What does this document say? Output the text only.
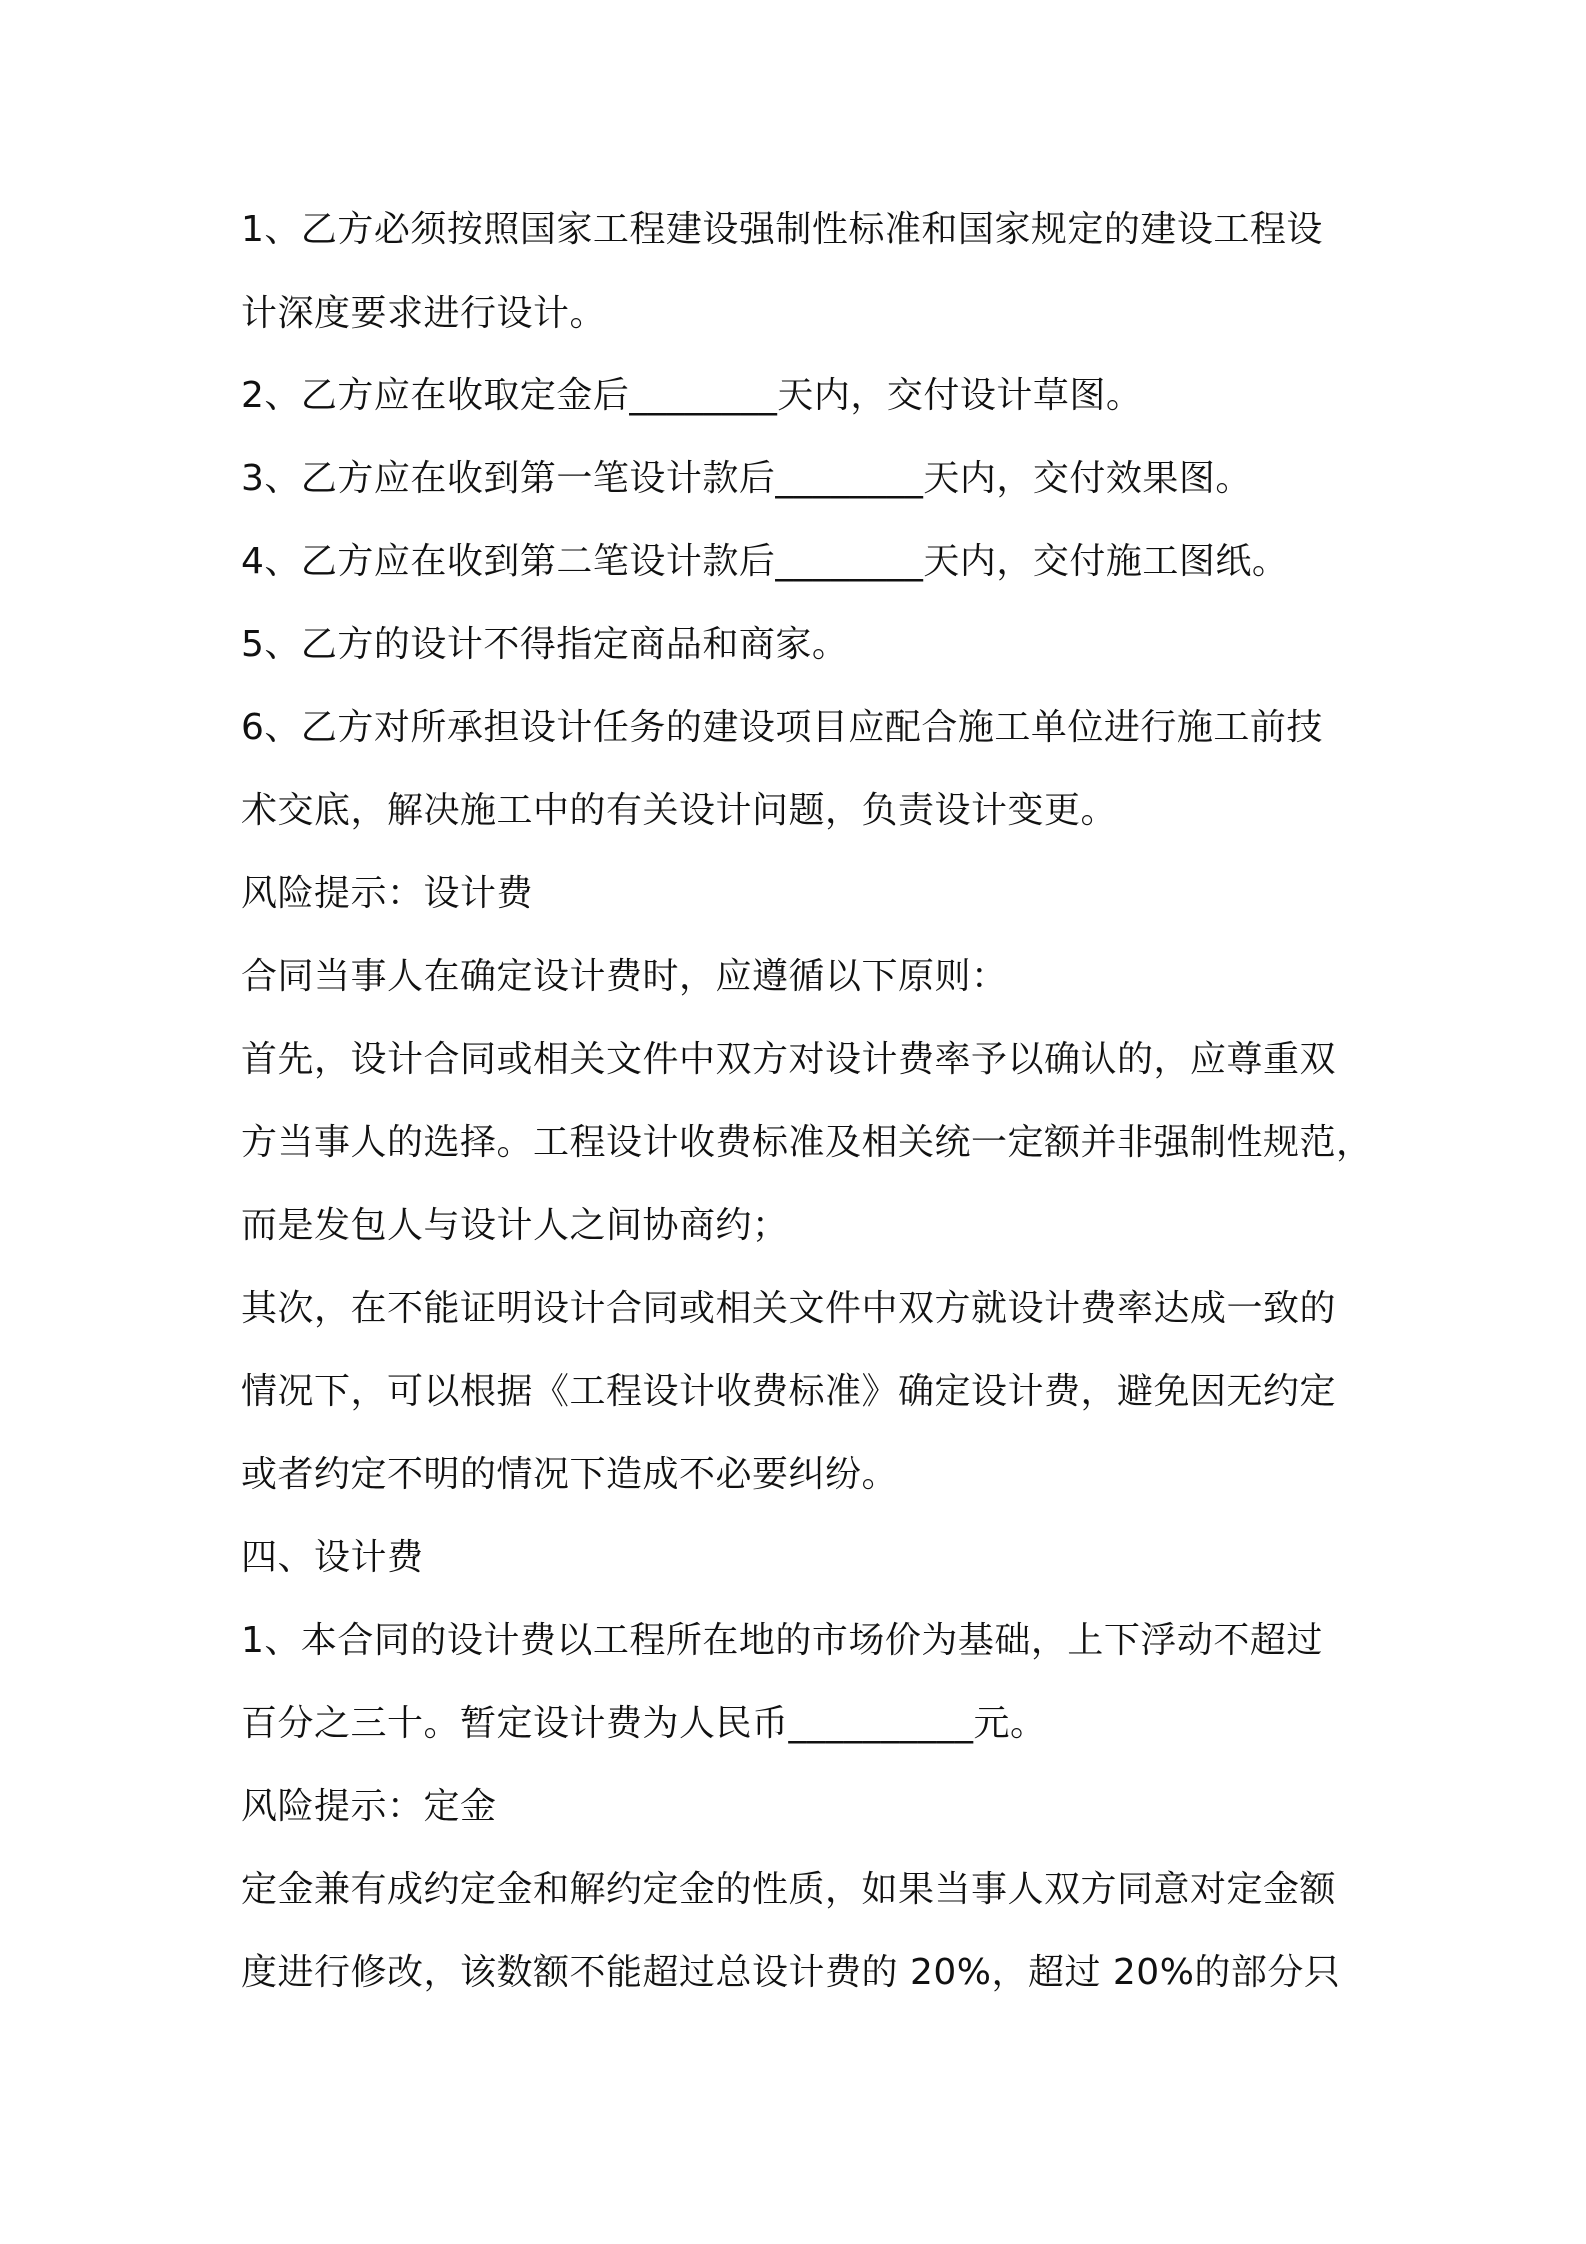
1、乙方必须按照国家工程建设强制性标准和国家规定的建设工程设
计深度要求进行设计。
2、乙方应在收取定金后________天内，交付设计草图。
3、乙方应在收到第一笔设计款后________天内，交付效果图。
4、乙方应在收到第二笔设计款后________天内，交付施工图纸。
5、乙方的设计不得指定商品和商家。
6、乙方对所承担设计任务的建设项目应配合施工单位进行施工前技
术交底，解决施工中的有关设计问题，负责设计变更。
风险提示：设计费
合同当事人在确定设计费时，应遵循以下原则：
首先，设计合同或相关文件中双方对设计费率予以确认的，应尊重双
方当事人的选择。工程设计收费标准及相关统一定额并非强制性规范，
而是发包人与设计人之间协商约；
其次，在不能证明设计合同或相关文件中双方就设计费率达成一致的
情况下，可以根据《工程设计收费标准》确定设计费，避免因无约定
或者约定不明的情况下造成不必要纠纷。
四、设计费
1、本合同的设计费以工程所在地的市场价为基础，上下浮动不超过
百分之三十。暂定设计费为人民币__________元。
风险提示：定金
定金兼有成约定金和解约定金的性质，如果当事人双方同意对定金额
度进行修改，该数额不能超过总设计费的 20%，超过 20%的部分只
